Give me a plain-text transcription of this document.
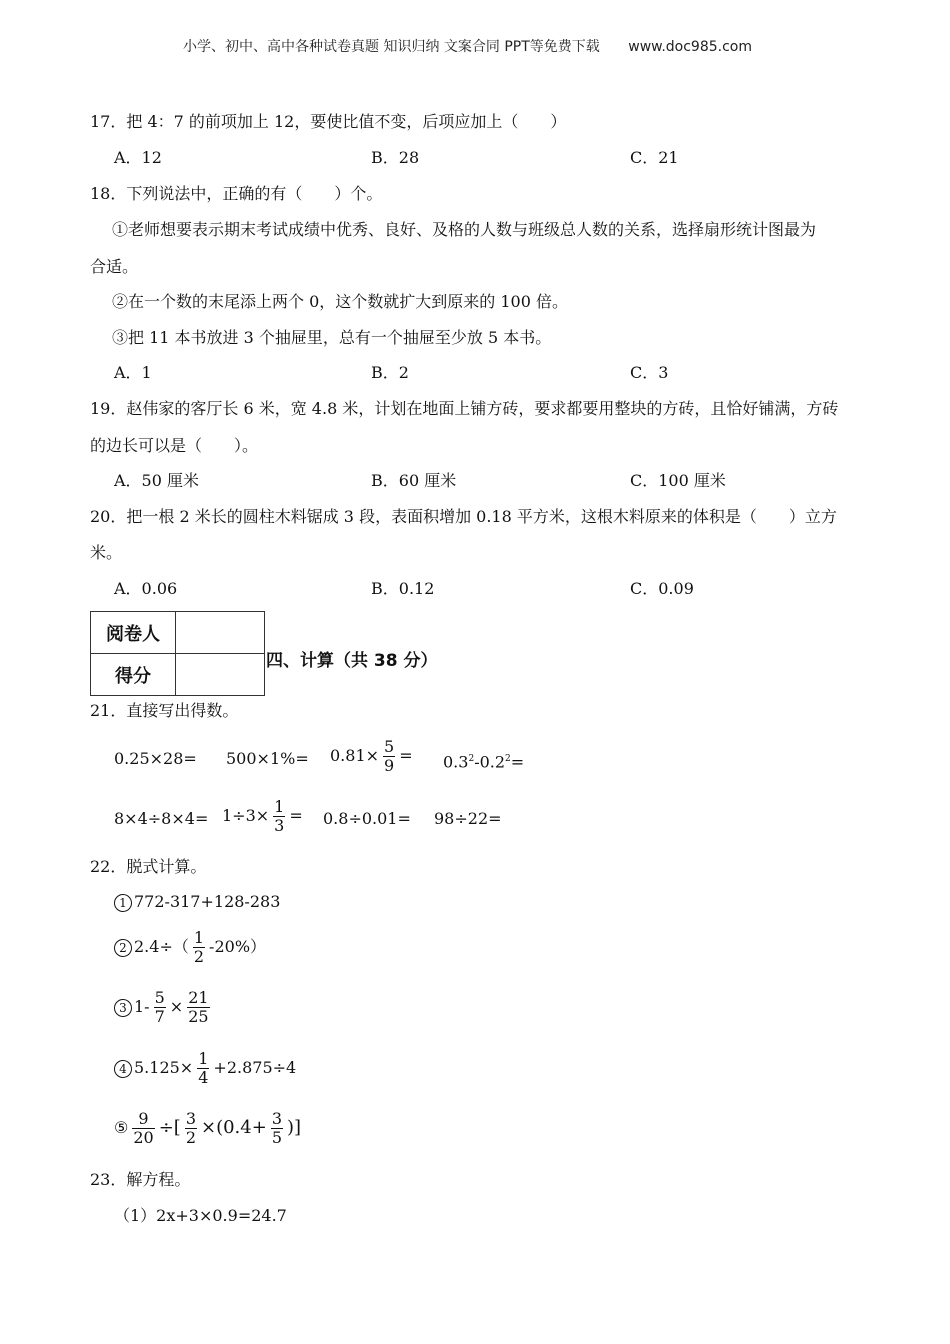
小学、初中、高中各种试卷真题 知识归纳 文案合同 PPT等免费下载 www.doc985.com
17．把 4：7 的前项加上 12，要使比值不变，后项应加上（　　）
A．12	B．28	C．21
18．下列说法中，正确的有（　　）个。
①老师想要表示期末考试成绩中优秀、良好、及格的人数与班级总人数的关系，选择扇形统计图最为
合适。
②在一个数的末尾添上两个 0，这个数就扩大到原来的 100 倍。
③把 11 本书放进 3 个抽屉里，总有一个抽屉至少放 5 本书。
A．1	B．2	C．3
19．赵伟家的客厅长 6 米，宽 4.8 米，计划在地面上铺方砖，要求都要用整块的方砖，且恰好铺满，方砖
的边长可以是（　　）。
A．50 厘米	B．60 厘米	C．100 厘米
20．把一根 2 米长的圆柱木料锯成 3 段，表面积增加 0.18 平方米，这根木料原来的体积是（　　）立方
米。
A．0.06	B．0.12	C．0.09
阅卷人	
得分	
四、计算（共 38 分）
21．直接写出得数。
$0.25\times 28= 500\times 1\%= 0.81\times \frac{5}{9} = 0.3^2-0.2^2=$
$8\times 4\div 8\times 4= 1\div 3\times \frac{1}{3} = 0.8\div 0.01= 98\div 22=$
22．脱式计算。
1 772-317+128-283
2 $2.4\div( \frac{1}{2} -20\%)$
3 $1- \frac{5}{7} \times \frac{21}{25}$
4 $5.125\times \frac{1}{4} +2.875\div 4$
⑤ $\frac{9}{20}$ ÷[ $\frac{3}{2} \times(0.4+ \frac{3}{5}$ )]
23．解方程。
（1）2x+3×0.9=24.7
